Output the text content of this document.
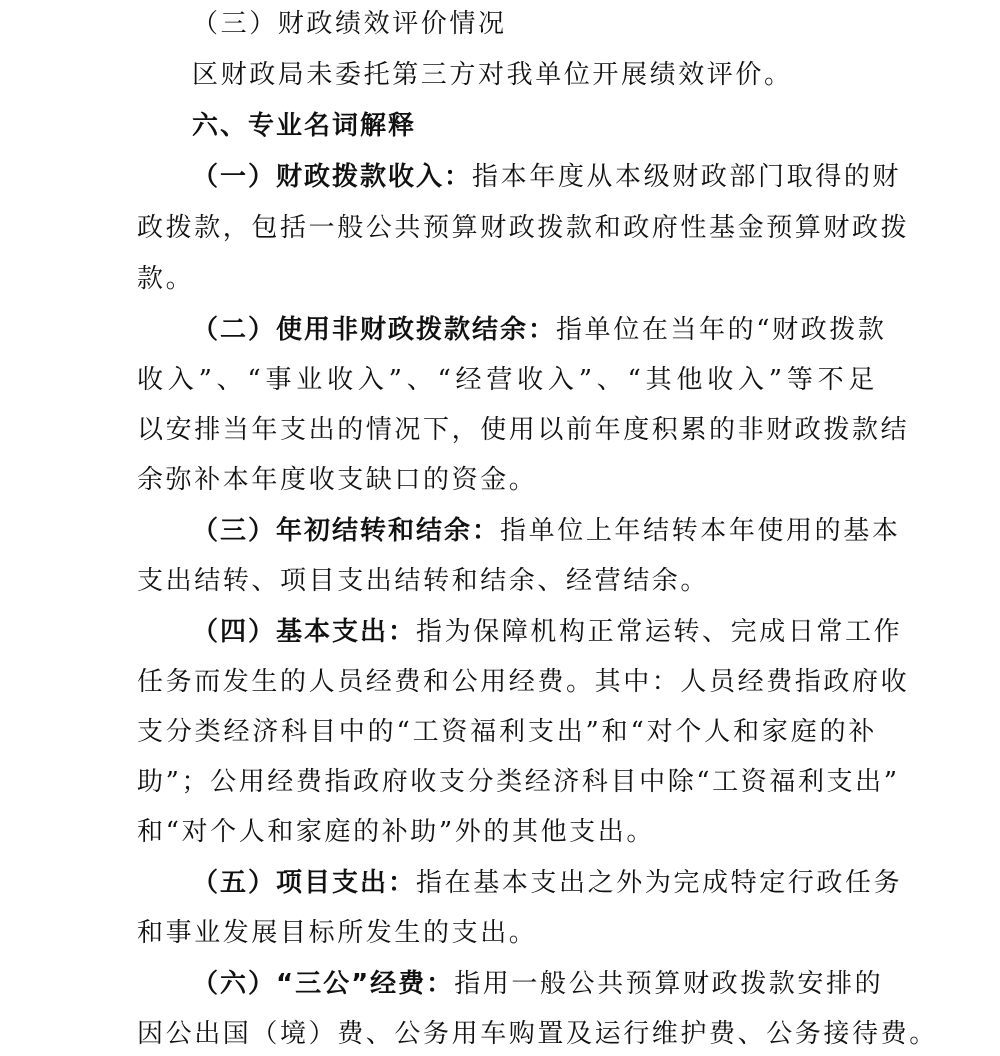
（三）财政绩效评价情况
区财政局未委托第三方对我单位开展绩效评价。
六、专业名词解释
（一）财政拨款收入：指本年度从本级财政部门取得的财
政拨款，包括一般公共预算财政拨款和政府性基金预算财政拨
款。
（二）使用非财政拨款结余：指单位在当年的“财政拨款
收入”、“事业收入”、“经营收入”、“其他收入”等不足
以安排当年支出的情况下，使用以前年度积累的非财政拨款结
余弥补本年度收支缺口的资金。
（三）年初结转和结余：指单位上年结转本年使用的基本
支出结转、项目支出结转和结余、经营结余。
（四）基本支出：指为保障机构正常运转、完成日常工作
任务而发生的人员经费和公用经费。其中：人员经费指政府收
支分类经济科目中的“工资福利支出”和“对个人和家庭的补
助”；公用经费指政府收支分类经济科目中除“工资福利支出”
和“对个人和家庭的补助”外的其他支出。
（五）项目支出：指在基本支出之外为完成特定行政任务
和事业发展目标所发生的支出。
（六）“三公”经费：指用一般公共预算财政拨款安排的
因公出国（境）费、公务用车购置及运行维护费、公务接待费。
